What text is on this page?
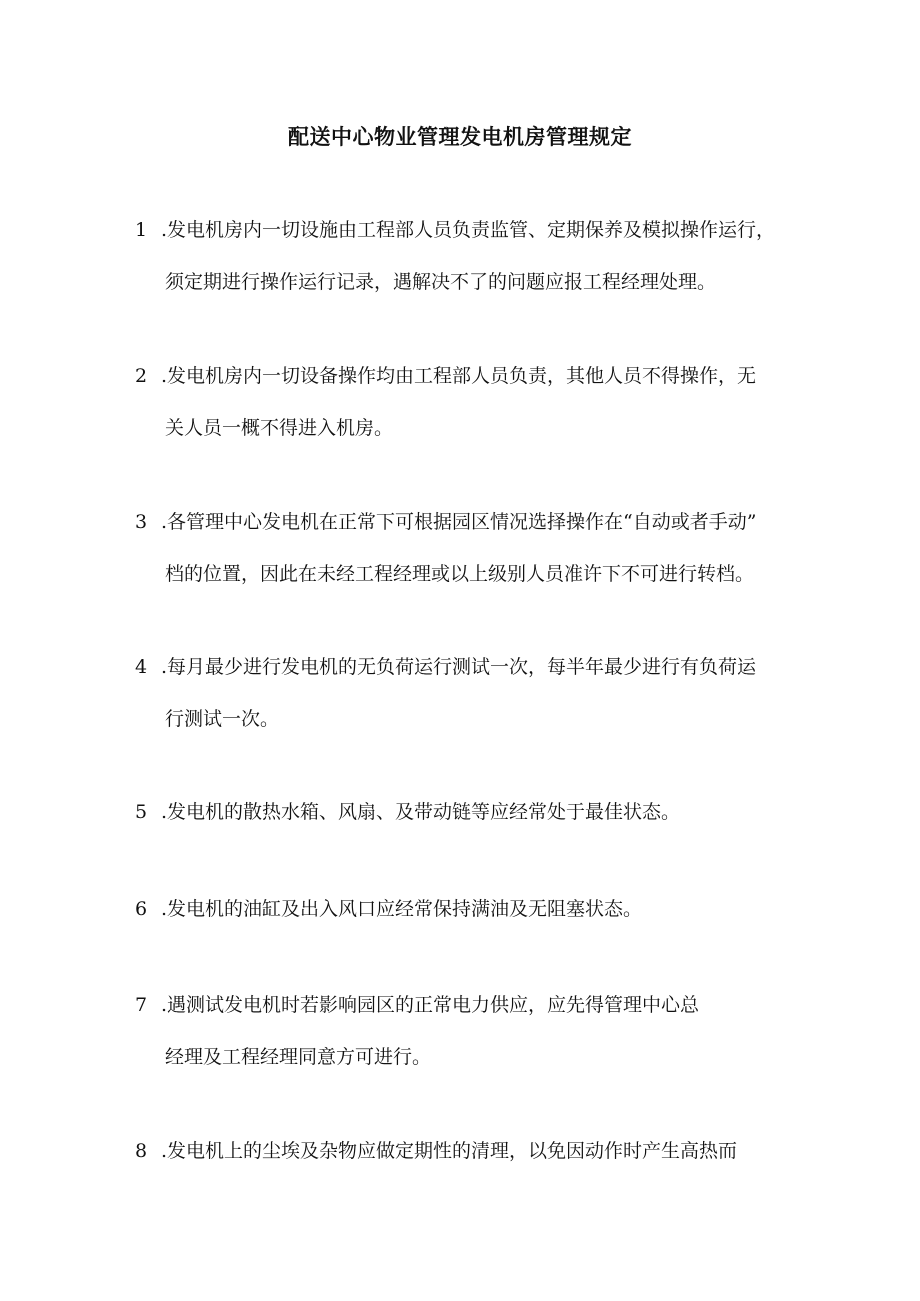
配送中心物业管理发电机房管理规定
1 .发电机房内一切设施由工程部人员负责监管、定期保养及模拟操作运行，
须定期进行操作运行记录，遇解决不了的问题应报工程经理处理。
2 .发电机房内一切设备操作均由工程部人员负责，其他人员不得操作，无
关人员一概不得进入机房。
3 .各管理中心发电机在正常下可根据园区情况选择操作在“自动或者手动”
档的位置，因此在未经工程经理或以上级别人员准许下不可进行转档。
4 .每月最少进行发电机的无负荷运行测试一次，每半年最少进行有负荷运
行测试一次。
5 .发电机的散热水箱、风扇、及带动链等应经常处于最佳状态。
6 .发电机的油缸及出入风口应经常保持满油及无阻塞状态。
7 .遇测试发电机时若影响园区的正常电力供应，应先得管理中心总
经理及工程经理同意方可进行。
8 .发电机上的尘埃及杂物应做定期性的清理，以免因动作时产生高热而
